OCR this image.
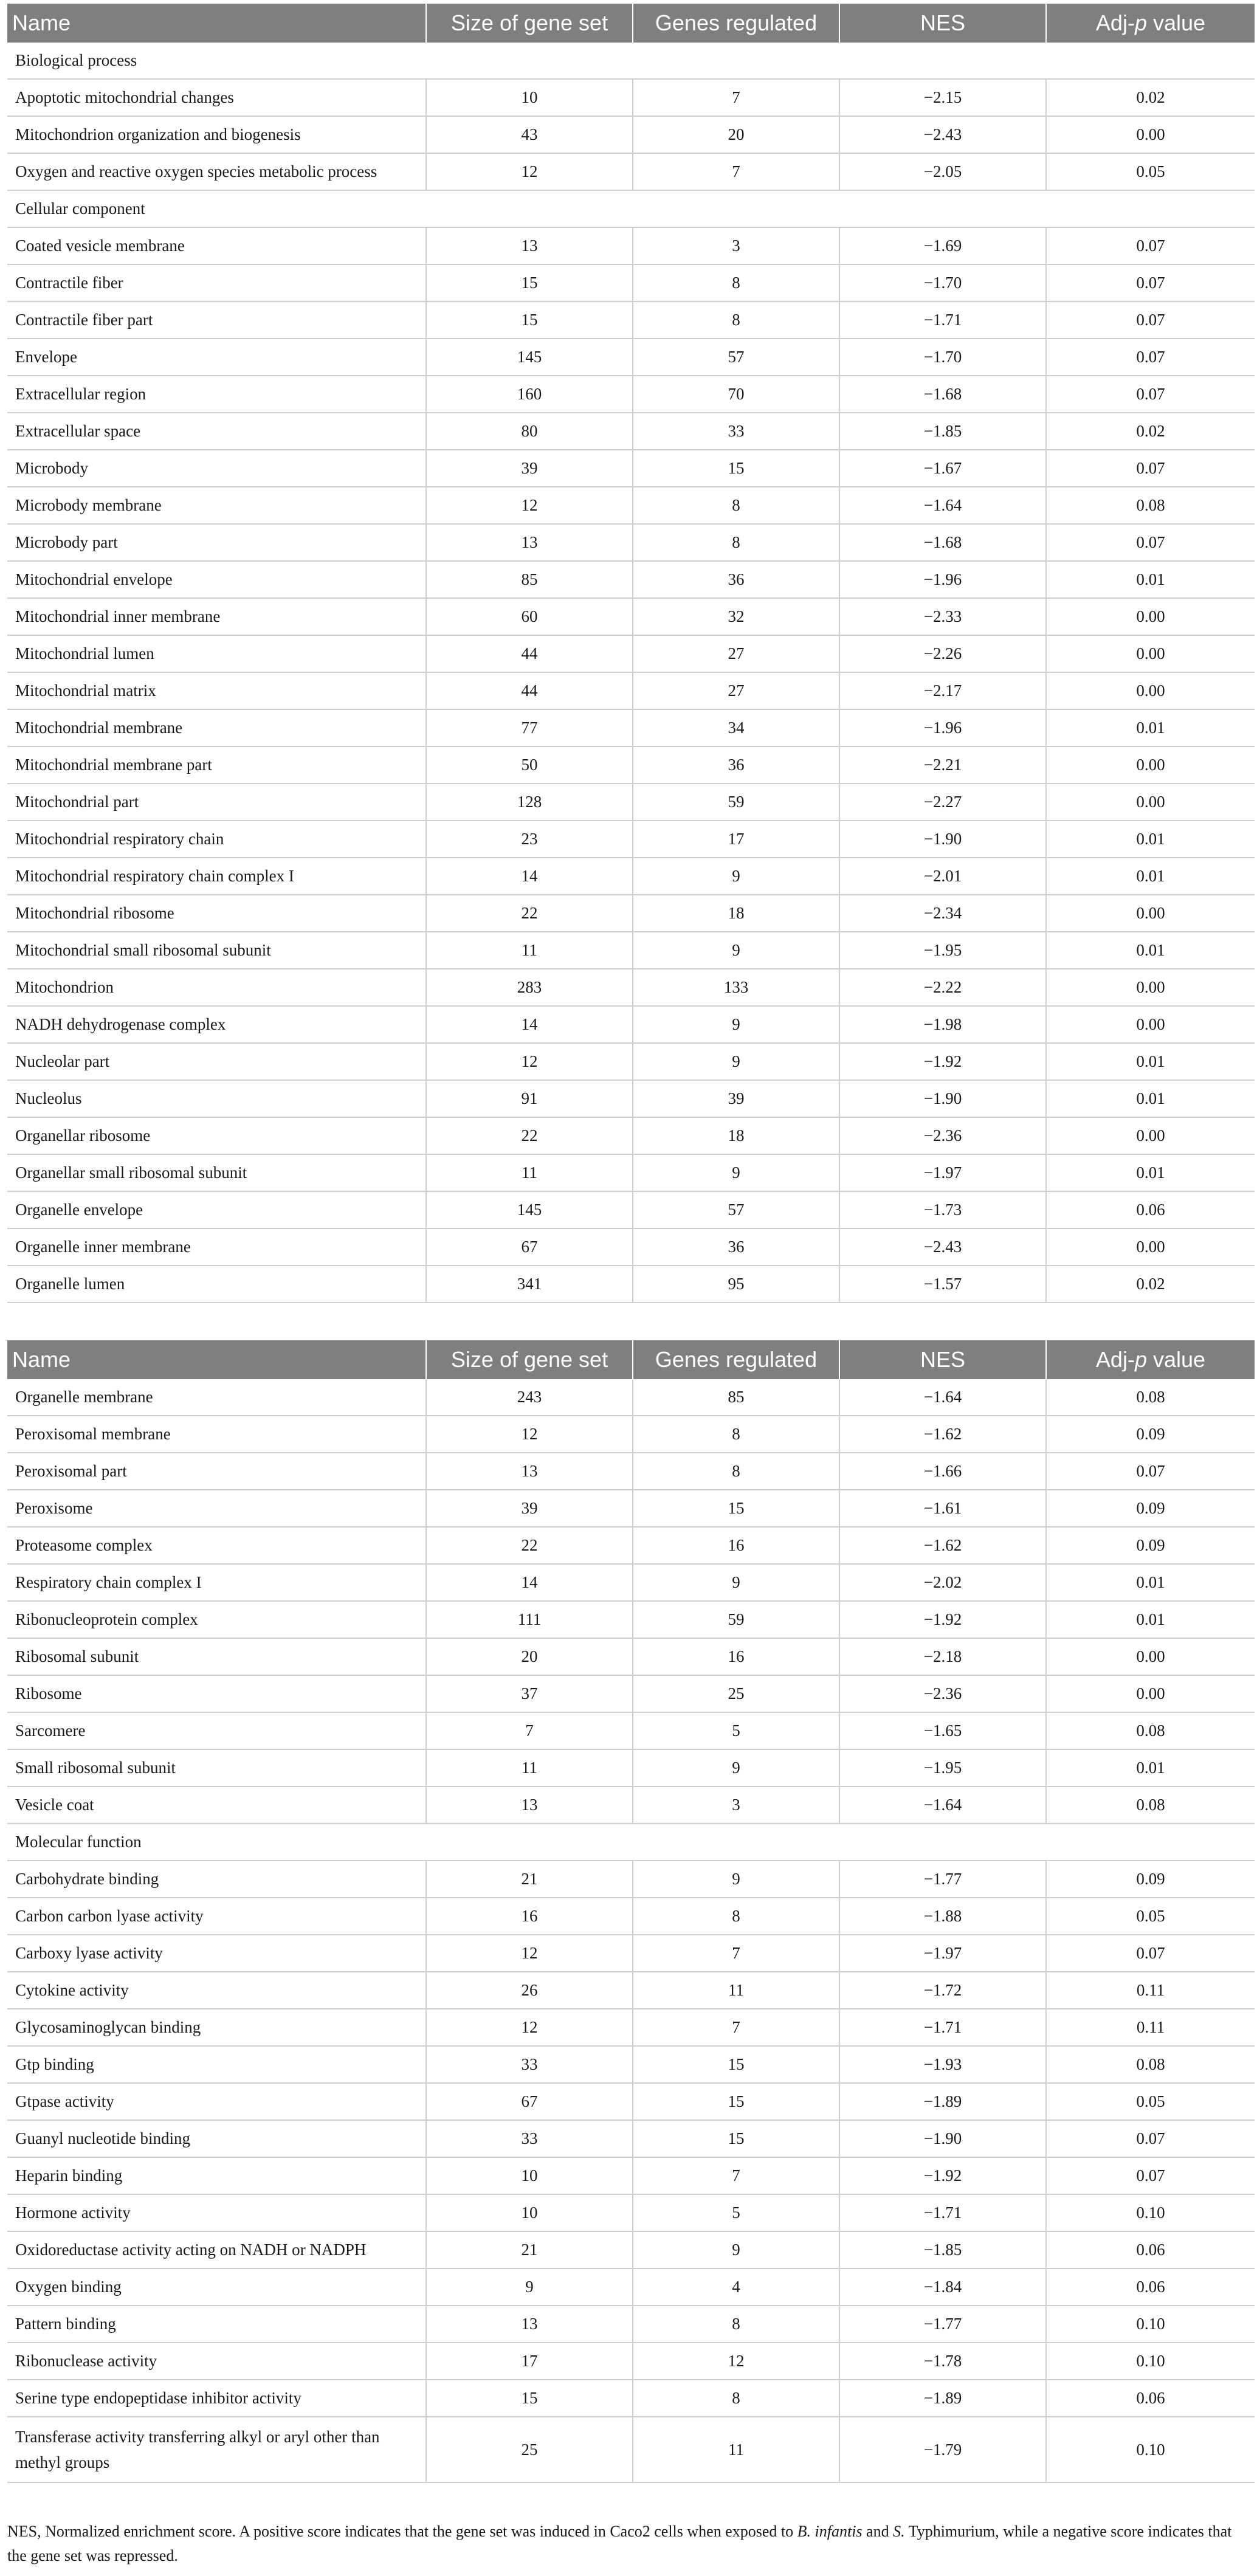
Name	Size of gene set	Genes regulated	NES	Adj-p value
Biological process				
Apoptotic mitochondrial changes	10	7	−2.15	0.02
Mitochondrion organization and biogenesis	43	20	−2.43	0.00
Oxygen and reactive oxygen species metabolic process	12	7	−2.05	0.05
Cellular component				
Coated vesicle membrane	13	3	−1.69	0.07
Contractile fiber	15	8	−1.70	0.07
Contractile fiber part	15	8	−1.71	0.07
Envelope	145	57	−1.70	0.07
Extracellular region	160	70	−1.68	0.07
Extracellular space	80	33	−1.85	0.02
Microbody	39	15	−1.67	0.07
Microbody membrane	12	8	−1.64	0.08
Microbody part	13	8	−1.68	0.07
Mitochondrial envelope	85	36	−1.96	0.01
Mitochondrial inner membrane	60	32	−2.33	0.00
Mitochondrial lumen	44	27	−2.26	0.00
Mitochondrial matrix	44	27	−2.17	0.00
Mitochondrial membrane	77	34	−1.96	0.01
Mitochondrial membrane part	50	36	−2.21	0.00
Mitochondrial part	128	59	−2.27	0.00
Mitochondrial respiratory chain	23	17	−1.90	0.01
Mitochondrial respiratory chain complex I	14	9	−2.01	0.01
Mitochondrial ribosome	22	18	−2.34	0.00
Mitochondrial small ribosomal subunit	11	9	−1.95	0.01
Mitochondrion	283	133	−2.22	0.00
NADH dehydrogenase complex	14	9	−1.98	0.00
Nucleolar part	12	9	−1.92	0.01
Nucleolus	91	39	−1.90	0.01
Organellar ribosome	22	18	−2.36	0.00
Organellar small ribosomal subunit	11	9	−1.97	0.01
Organelle envelope	145	57	−1.73	0.06
Organelle inner membrane	67	36	−2.43	0.00
Organelle lumen	341	95	−1.57	0.02
Name	Size of gene set	Genes regulated	NES	Adj-p value
Organelle membrane	243	85	−1.64	0.08
Peroxisomal membrane	12	8	−1.62	0.09
Peroxisomal part	13	8	−1.66	0.07
Peroxisome	39	15	−1.61	0.09
Proteasome complex	22	16	−1.62	0.09
Respiratory chain complex I	14	9	−2.02	0.01
Ribonucleoprotein complex	111	59	−1.92	0.01
Ribosomal subunit	20	16	−2.18	0.00
Ribosome	37	25	−2.36	0.00
Sarcomere	7	5	−1.65	0.08
Small ribosomal subunit	11	9	−1.95	0.01
Vesicle coat	13	3	−1.64	0.08
Molecular function				
Carbohydrate binding	21	9	−1.77	0.09
Carbon carbon lyase activity	16	8	−1.88	0.05
Carboxy lyase activity	12	7	−1.97	0.07
Cytokine activity	26	11	−1.72	0.11
Glycosaminoglycan binding	12	7	−1.71	0.11
Gtp binding	33	15	−1.93	0.08
Gtpase activity	67	15	−1.89	0.05
Guanyl nucleotide binding	33	15	−1.90	0.07
Heparin binding	10	7	−1.92	0.07
Hormone activity	10	5	−1.71	0.10
Oxidoreductase activity acting on NADH or NADPH	21	9	−1.85	0.06
Oxygen binding	9	4	−1.84	0.06
Pattern binding	13	8	−1.77	0.10
Ribonuclease activity	17	12	−1.78	0.10
Serine type endopeptidase inhibitor activity	15	8	−1.89	0.06
Transferase activity transferring alkyl or aryl other than methyl groups	25	11	−1.79	0.10
NES, Normalized enrichment score. A positive score indicates that the gene set was induced in Caco2 cells when exposed to B. infantis and S. Typhimurium, while a negative score indicates that the gene set was repressed.
